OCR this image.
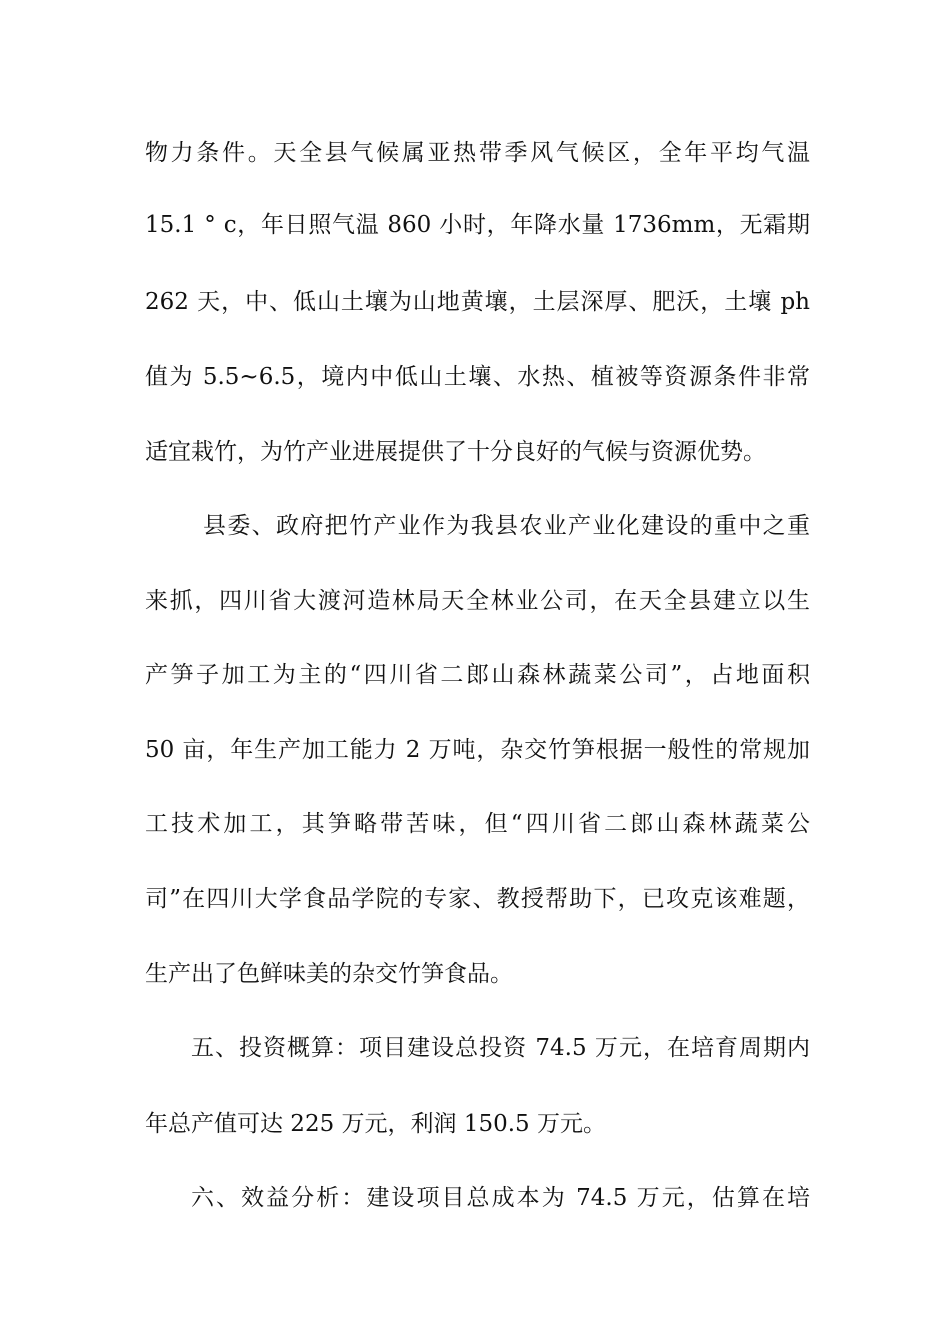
物力条件。天全县气候属亚热带季风气候区，全年平均气温
15.1 ° c，年日照气温 860 小时，年降水量 1736mm，无霜期
262 天，中、低山土壤为山地黄壤，土层深厚、肥沃，土壤 ph
值为 5.5~6.5，境内中低山土壤、水热、植被等资源条件非常
适宜栽竹，为竹产业进展提供了十分良好的气候与资源优势。
县委、政府把竹产业作为我县农业产业化建设的重中之重
来抓，四川省大渡河造林局天全林业公司，在天全县建立以生
产笋子加工为主的“四川省二郎山森林蔬菜公司”，占地面积
50 亩，年生产加工能力 2 万吨，杂交竹笋根据一般性的常规加
工技术加工，其笋略带苦味，但“四川省二郎山森林蔬菜公
司”在四川大学食品学院的专家、教授帮助下，已攻克该难题，
生产出了色鲜味美的杂交竹笋食品。
五、投资概算：项目建设总投资 74.5 万元，在培育周期内
年总产值可达 225 万元，利润 150.5 万元。
六、效益分析：建设项目总成本为 74.5 万元，估算在培
